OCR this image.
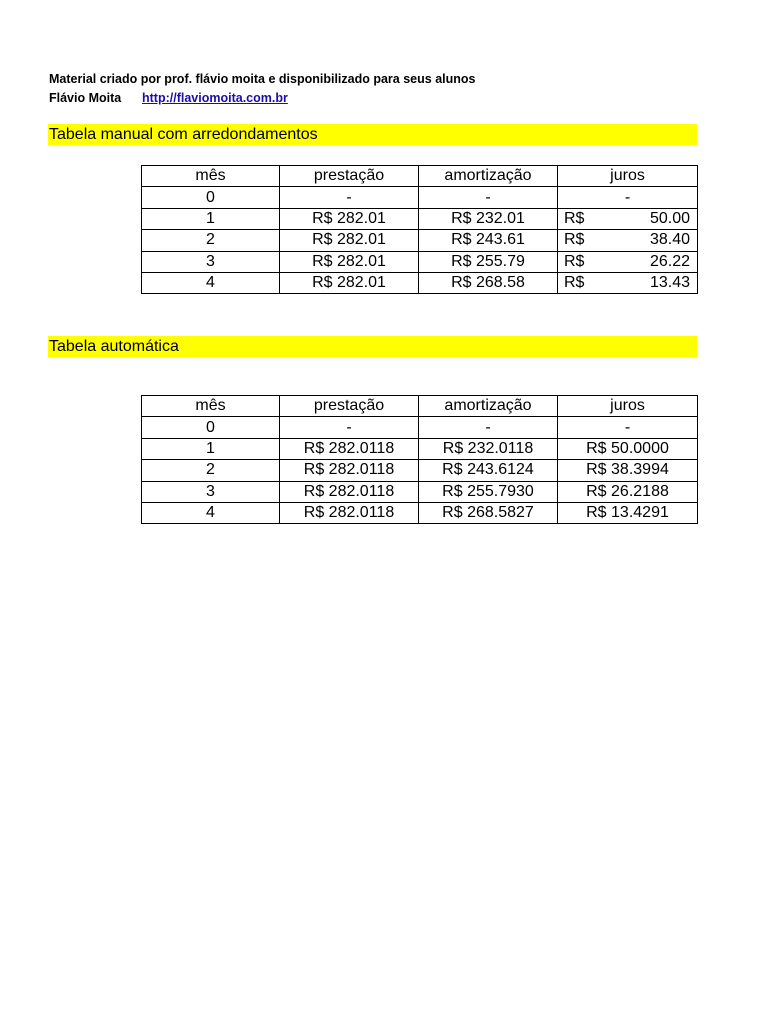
Material criado por prof. flávio moita e disponibilizado para seus alunos
Flávio Moita	http://flaviomoita.com.br
Tabela manual com arredondamentos
mês	prestação	amortização	juros
0	-	-	-
1	R$ 282.01	R$ 232.01	R$ 50.00

2	R$ 282.01	R$ 243.61	R$ 38.40

3	R$ 282.01	R$ 255.79	R$ 26.22

4	R$ 282.01	R$ 268.58	R$ 13.43
Tabela automática
mês	prestação	amortização	juros
0	-	-	-
1	R$ 282.0118	R$ 232.0118	R$ 50.0000
2	R$ 282.0118	R$ 243.6124	R$ 38.3994
3	R$ 282.0118	R$ 255.7930	R$ 26.2188
4	R$ 282.0118	R$ 268.5827	R$ 13.4291
